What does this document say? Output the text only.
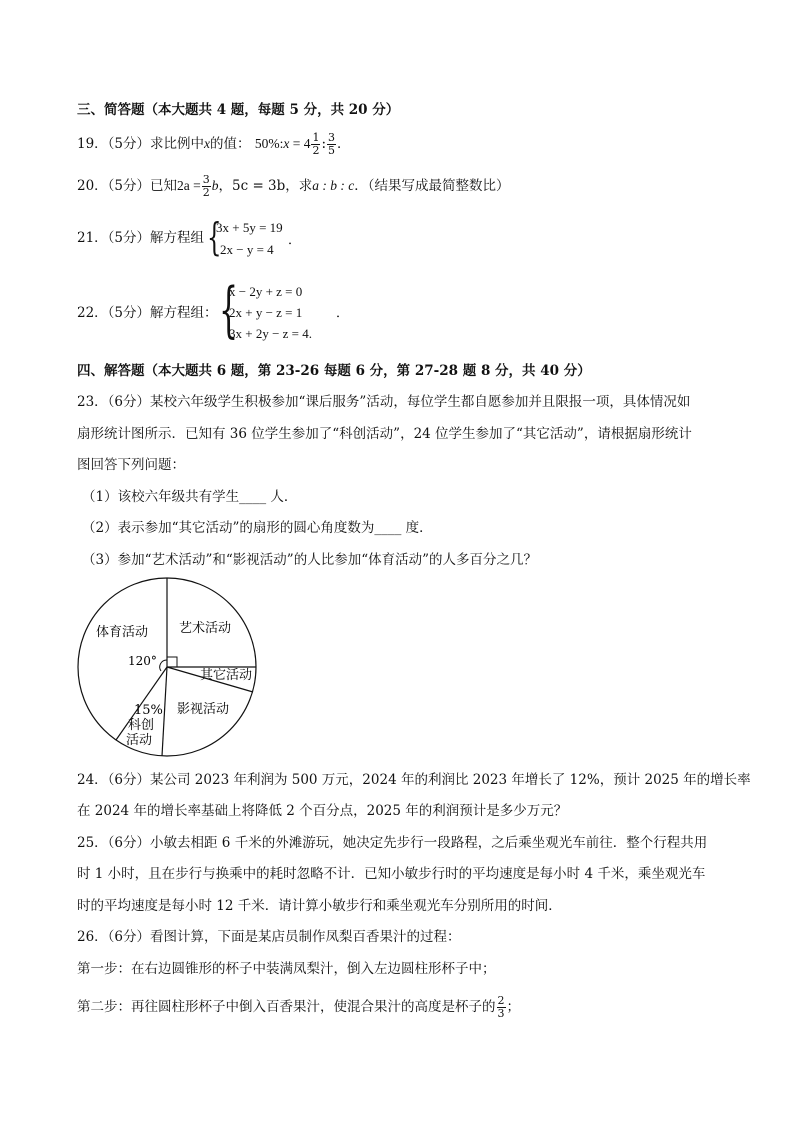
三、简答题（本大题共 4 题，每题 5 分，共 20 分）
19．（5分）求比例中x的值： 50%:x = $4 \frac{1}{2}$ : $\frac{3}{5}$ ．
20．（5分）已知$2a = \frac{3}{2}$ b，5c = 3b，求a : b : c．（结果写成最简整数比）
21．（5分）解方程组 {
3x + 5y = 19
2x − y = 4
．
22．（5分）解方程组： {
x − 2y + z = 0
2x + y − z = 1
3x + 2y − z = 4.
．
四、解答题（本大题共 6 题，第 23-26 每题 6 分，第 27-28 题 8 分，共 40 分）
23．（6分）某校六年级学生积极参加“课后服务”活动，每位学生都自愿参加并且限报一项，具体情况如
扇形统计图所示．已知有 36 位学生参加了“科创活动”，24 位学生参加了“其它活动”，请根据扇形统计
图回答下列问题：
（1）该校六年级共有学生____ 人．
（2）表示参加“其它活动”的扇形的圆心角度数为____ 度．
（3）参加“艺术活动”和“影视活动”的人比参加“体育活动”的人多百分之几？
体育活动 艺术活动
120°
其它活动
影视活动
15%
科创
活动
24．（6分）某公司 2023 年利润为 500 万元，2024 年的利润比 2023 年增长了 12%，预计 2025 年的增长率
在 2024 年的增长率基础上将降低 2 个百分点，2025 年的利润预计是多少万元？
25．（6分）小敏去相距 6 千米的外滩游玩，她决定先步行一段路程，之后乘坐观光车前往．整个行程共用
时 1 小时，且在步行与换乘中的耗时忽略不计．已知小敏步行时的平均速度是每小时 4 千米，乘坐观光车
时的平均速度是每小时 12 千米．请计算小敏步行和乘坐观光车分别所用的时间．
26．（6分）看图计算，下面是某店员制作凤梨百香果汁的过程：
第一步：在右边圆锥形的杯子中装满凤梨汁，倒入左边圆柱形杯子中；
第二步：再往圆柱形杯子中倒入百香果汁，使混合果汁的高度是杯子的 $\frac{2}{3}$ ；
